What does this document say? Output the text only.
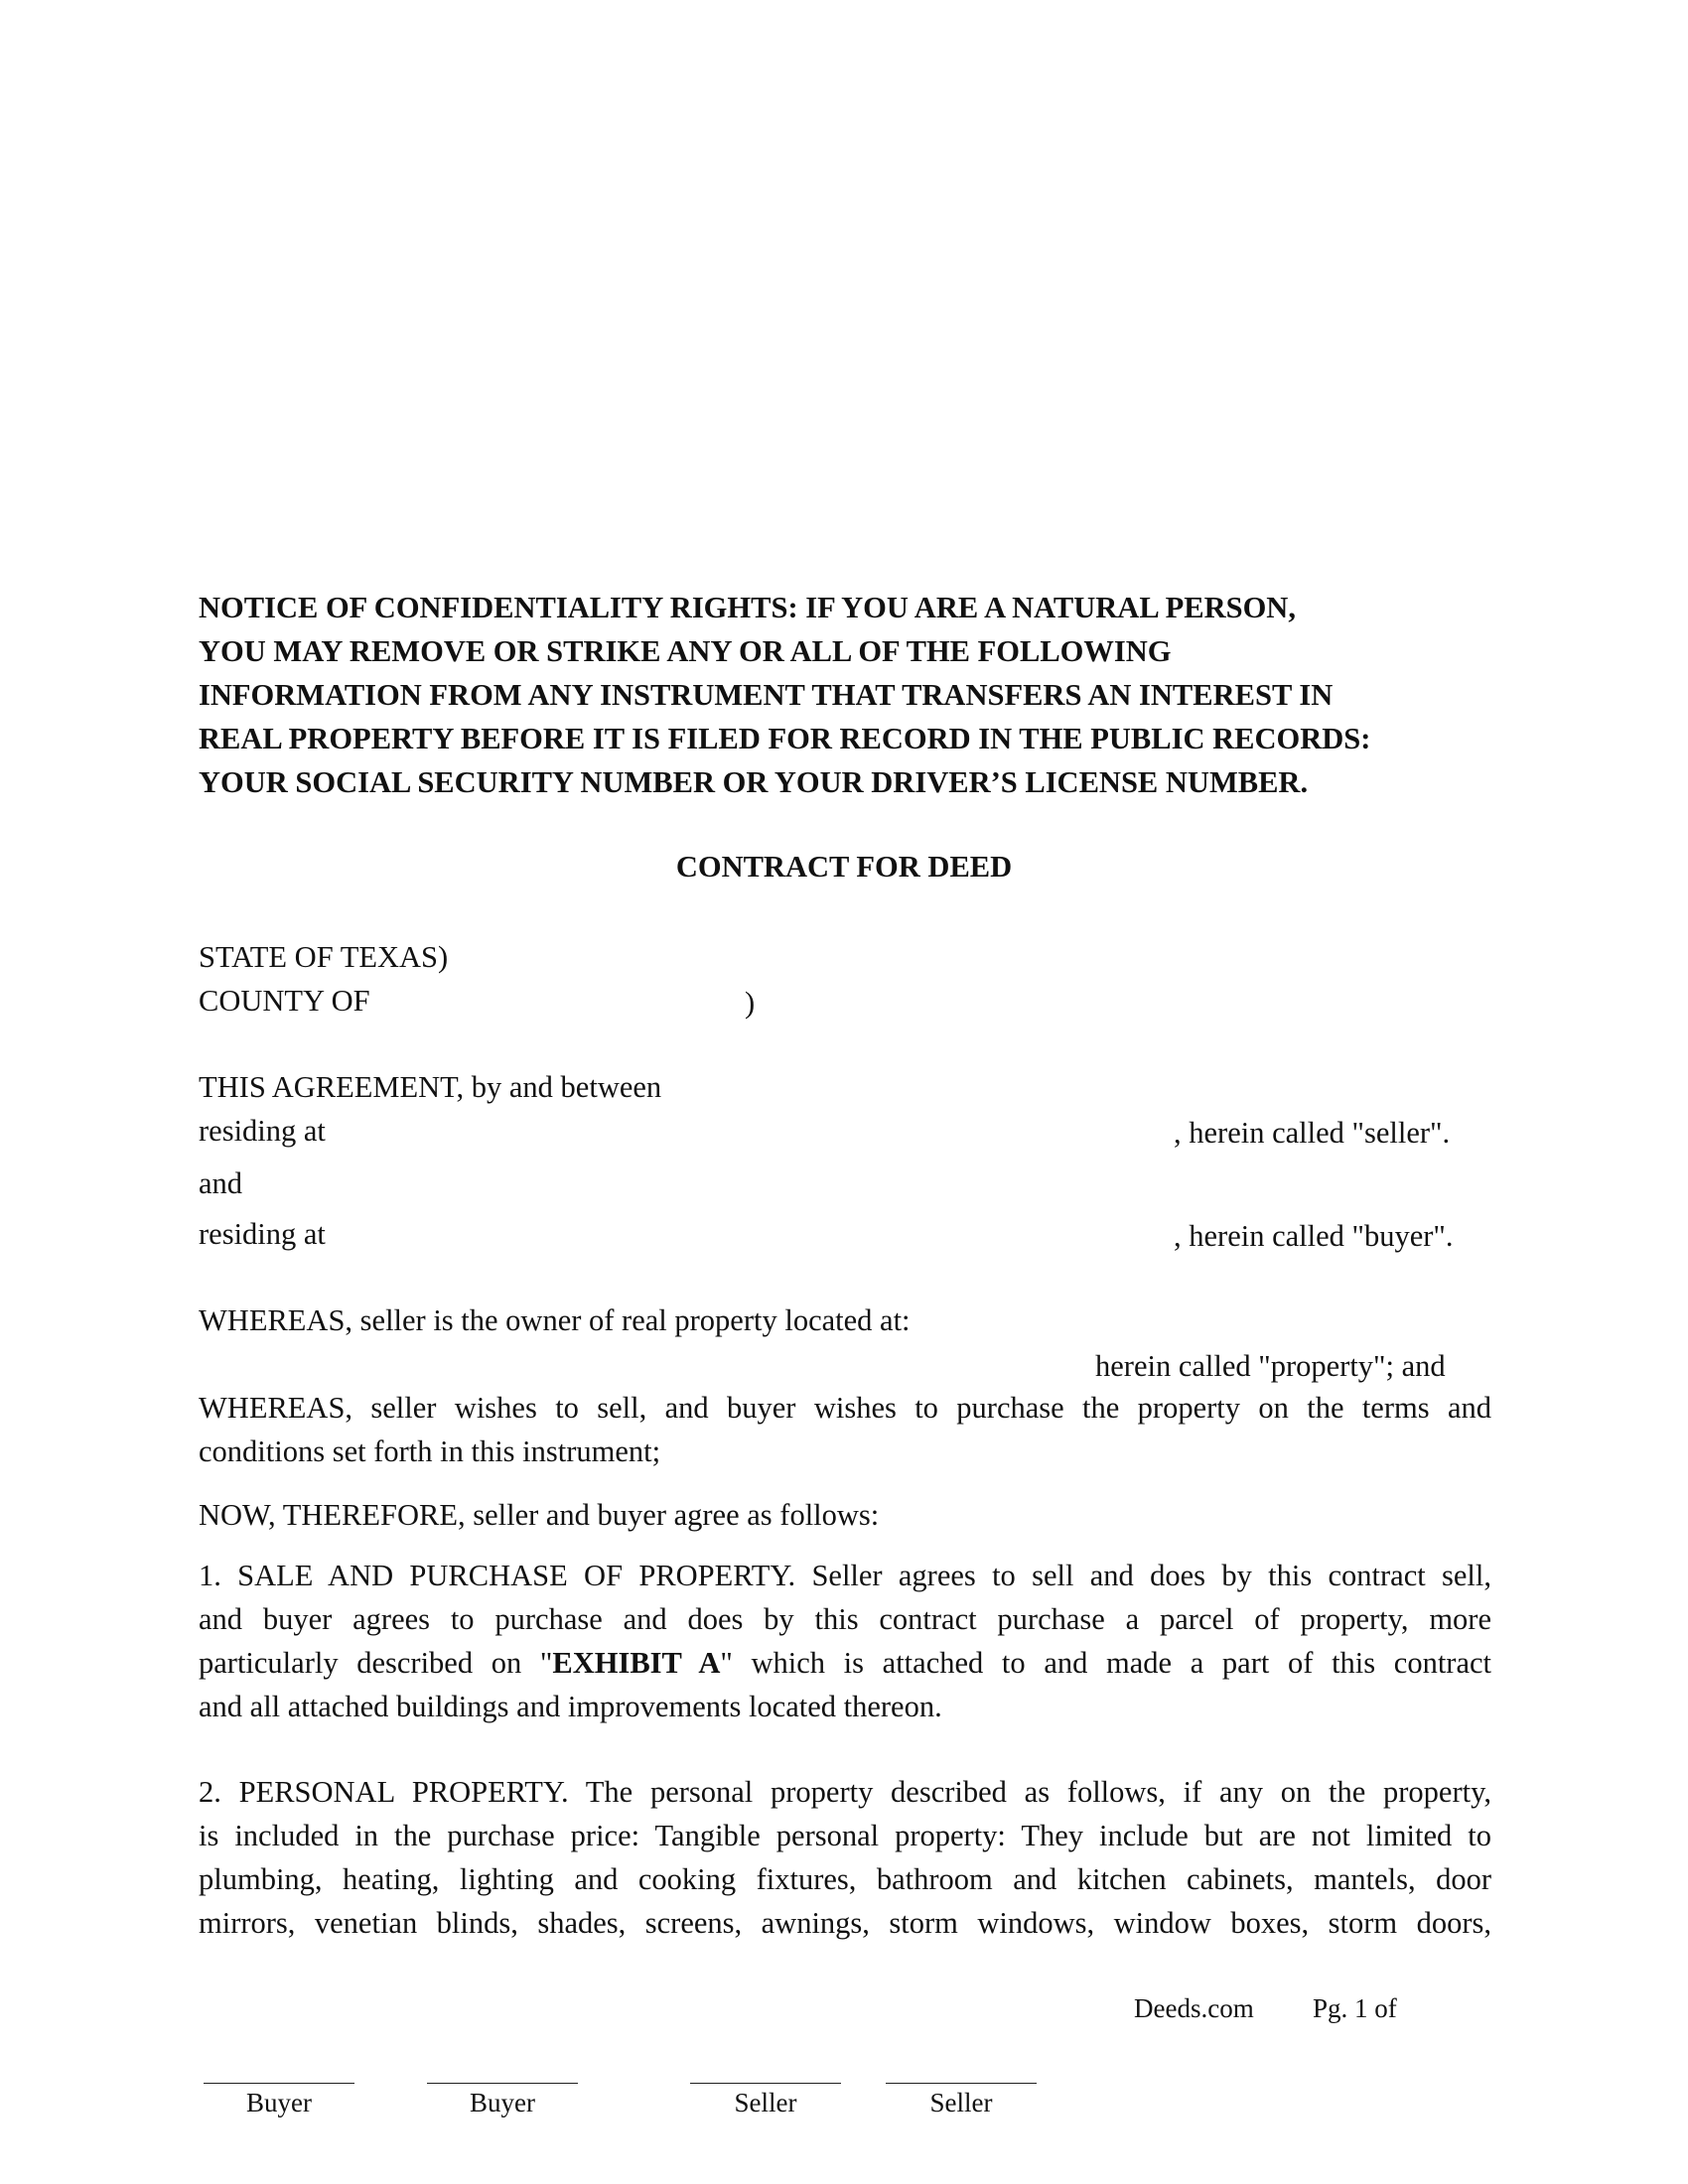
NOTICE OF CONFIDENTIALITY RIGHTS: IF YOU ARE A NATURAL PERSON,
YOU MAY REMOVE OR STRIKE ANY OR ALL OF THE FOLLOWING
INFORMATION FROM ANY INSTRUMENT THAT TRANSFERS AN INTEREST IN
REAL PROPERTY BEFORE IT IS FILED FOR RECORD IN THE PUBLIC RECORDS:
YOUR SOCIAL SECURITY NUMBER OR YOUR DRIVER’S LICENSE NUMBER.
CONTRACT FOR DEED
STATE OF TEXAS)
COUNTY OF	)
THIS AGREEMENT, by and between
residing at	, herein called "seller".
and
residing at	, herein called "buyer".
WHEREAS, seller is the owner of real property located at:
herein called "property"; and
WHEREAS, seller wishes to sell, and buyer wishes to purchase the property on the terms and
conditions set forth in this instrument;
NOW, THEREFORE, seller and buyer agree as follows:
1. SALE AND PURCHASE OF PROPERTY. Seller agrees to sell and does by this contract sell,
and buyer agrees to purchase and does by this contract purchase a parcel of property, more
particularly described on "EXHIBIT A" which is attached to and made a part of this contract
and all attached buildings and improvements located thereon.
2. PERSONAL PROPERTY. The personal property described as follows, if any on the property,
is included in the purchase price: Tangible personal property: They include but are not limited to
plumbing, heating, lighting and cooking fixtures, bathroom and kitchen cabinets, mantels, door
mirrors, venetian blinds, shades, screens, awnings, storm windows, window boxes, storm doors,
Deeds.com Pg. 1 of
Buyer	Buyer	Seller	Seller
